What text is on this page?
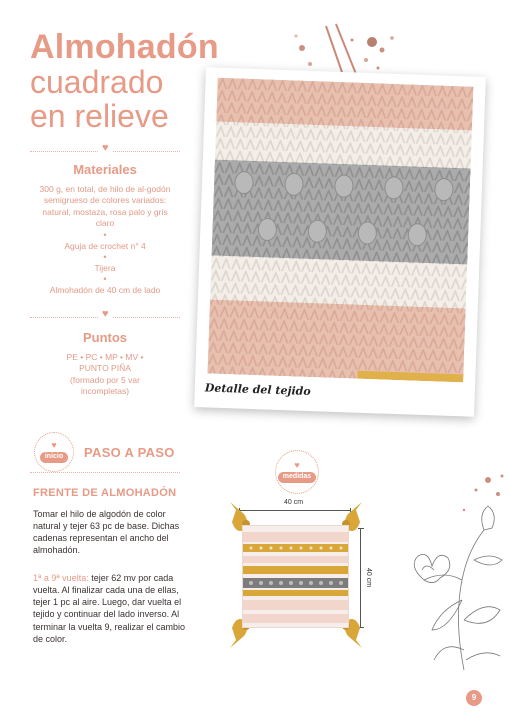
Almohadón
cuadrado
en relieve
♥
Materiales
300 g, en total, de hilo de al-godón semigrueso de colores variados: natural, mostaza, rosa palo y gris claro
•
Aguja de crochet n° 4
•
Tijera
•
Almohadón de 40 cm de lado
♥
Puntos
PE • PC • MP • MV •
PUNTO PIÑA
(formado por 5 var
incompletas)	Detalle del tejido
♥
inicio	PASO A PASO
FRENTE DE ALMOHADÓN
Tomar el hilo de algodón de color natural y tejer 63 pc de base. Dichas cadenas representan el ancho del almohadón.
1ª a 9ª vuelta: tejer 62 mv por cada vuelta. Al finalizar cada una de ellas, tejer 1 pc al aire. Luego, dar vuelta el tejido y continuar del lado inverso. Al terminar la vuelta 9, realizar el cambio de color.
♥
medidas
40 cm
40 cm
9
